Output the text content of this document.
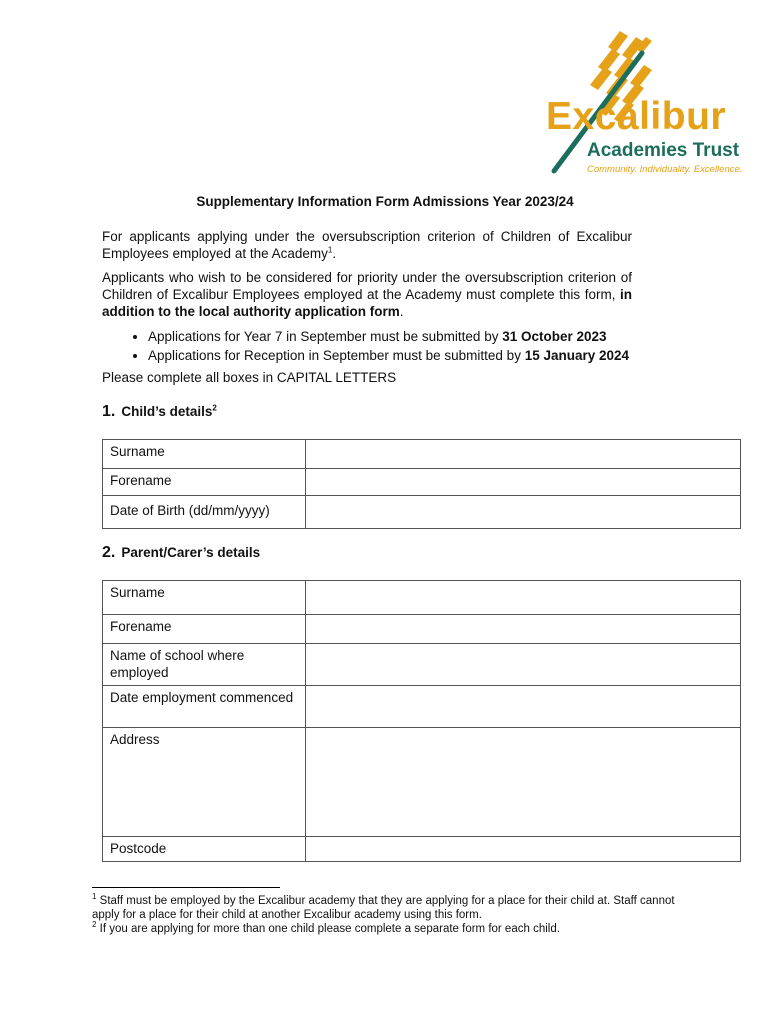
Excalibur
Academies Trust
Community. Individuality. Excellence.
Supplementary Information Form Admissions Year 2023/24

For applicants applying under the oversubscription criterion of Children of Excalibur Employees employed at the Academy$^1$.

Applicants who wish to be considered for priority under the oversubscription criterion of Children of Excalibur Employees employed at the Academy must complete this form, in addition to the local authority application form.

• Applications for Year 7 in September must be submitted by 31 October 2023
• Applications for Reception in September must be submitted by 15 January 2024
Please complete all boxes in CAPITAL LETTERS
1. Child’s details$^2$
Surname	
Forename	
Date of Birth (dd/mm/yyyy)	
2. Parent/Carer’s details
Surname	
Forename	
Name of school where employed	
Date employment commenced	
Address	
Postcode	
$^1$ Staff must be employed by the Excalibur academy that they are applying for a place for their child at. Staff cannot apply for a place for their child at another Excalibur academy using this form.
$^2$ If you are applying for more than one child please complete a separate form for each child.
